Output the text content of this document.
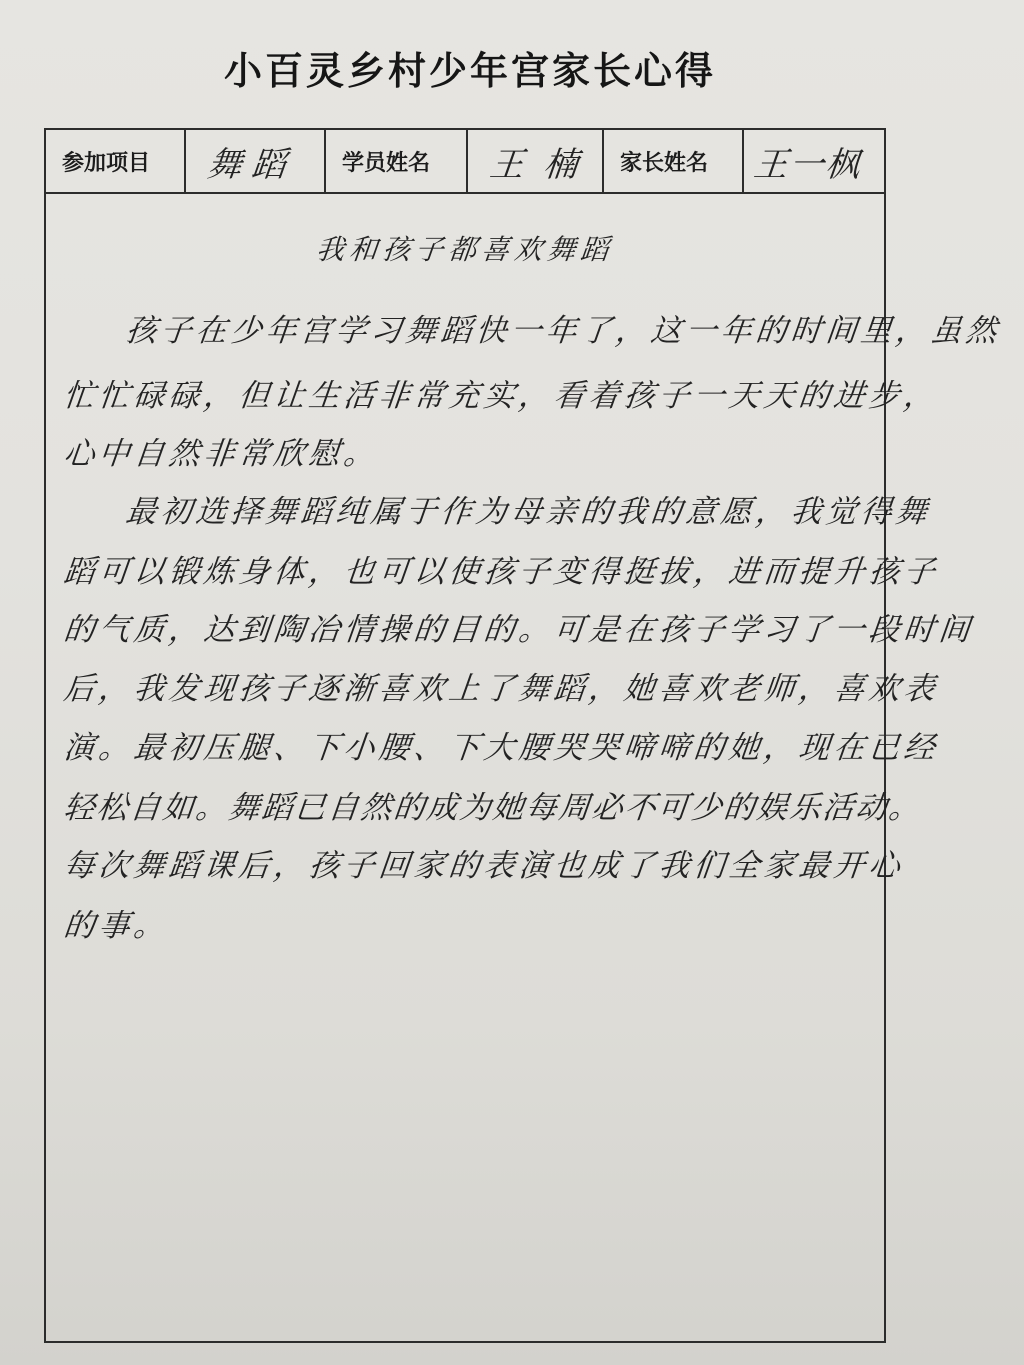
小百灵乡村少年宫家长心得
参加项目	舞蹈	学员姓名	王楠 家长姓名 王一枫
我和孩子都喜欢舞蹈
孩子在少年宫学习舞蹈快一年了，这一年的时间里，虽然
忙忙碌碌，但让生活非常充实，看着孩子一天天的进步，
心中自然非常欣慰。
最初选择舞蹈纯属于作为母亲的我的意愿，我觉得舞
蹈可以锻炼身体，也可以使孩子变得挺拔，进而提升孩子
的气质，达到陶冶情操的目的。可是在孩子学习了一段时间
后，我发现孩子逐渐喜欢上了舞蹈，她喜欢老师，喜欢表
演。最初压腿、下小腰、下大腰哭哭啼啼的她，现在已经
轻松自如。舞蹈已自然的成为她每周必不可少的娱乐活动。
每次舞蹈课后，孩子回家的表演也成了我们全家最开心
的事。
